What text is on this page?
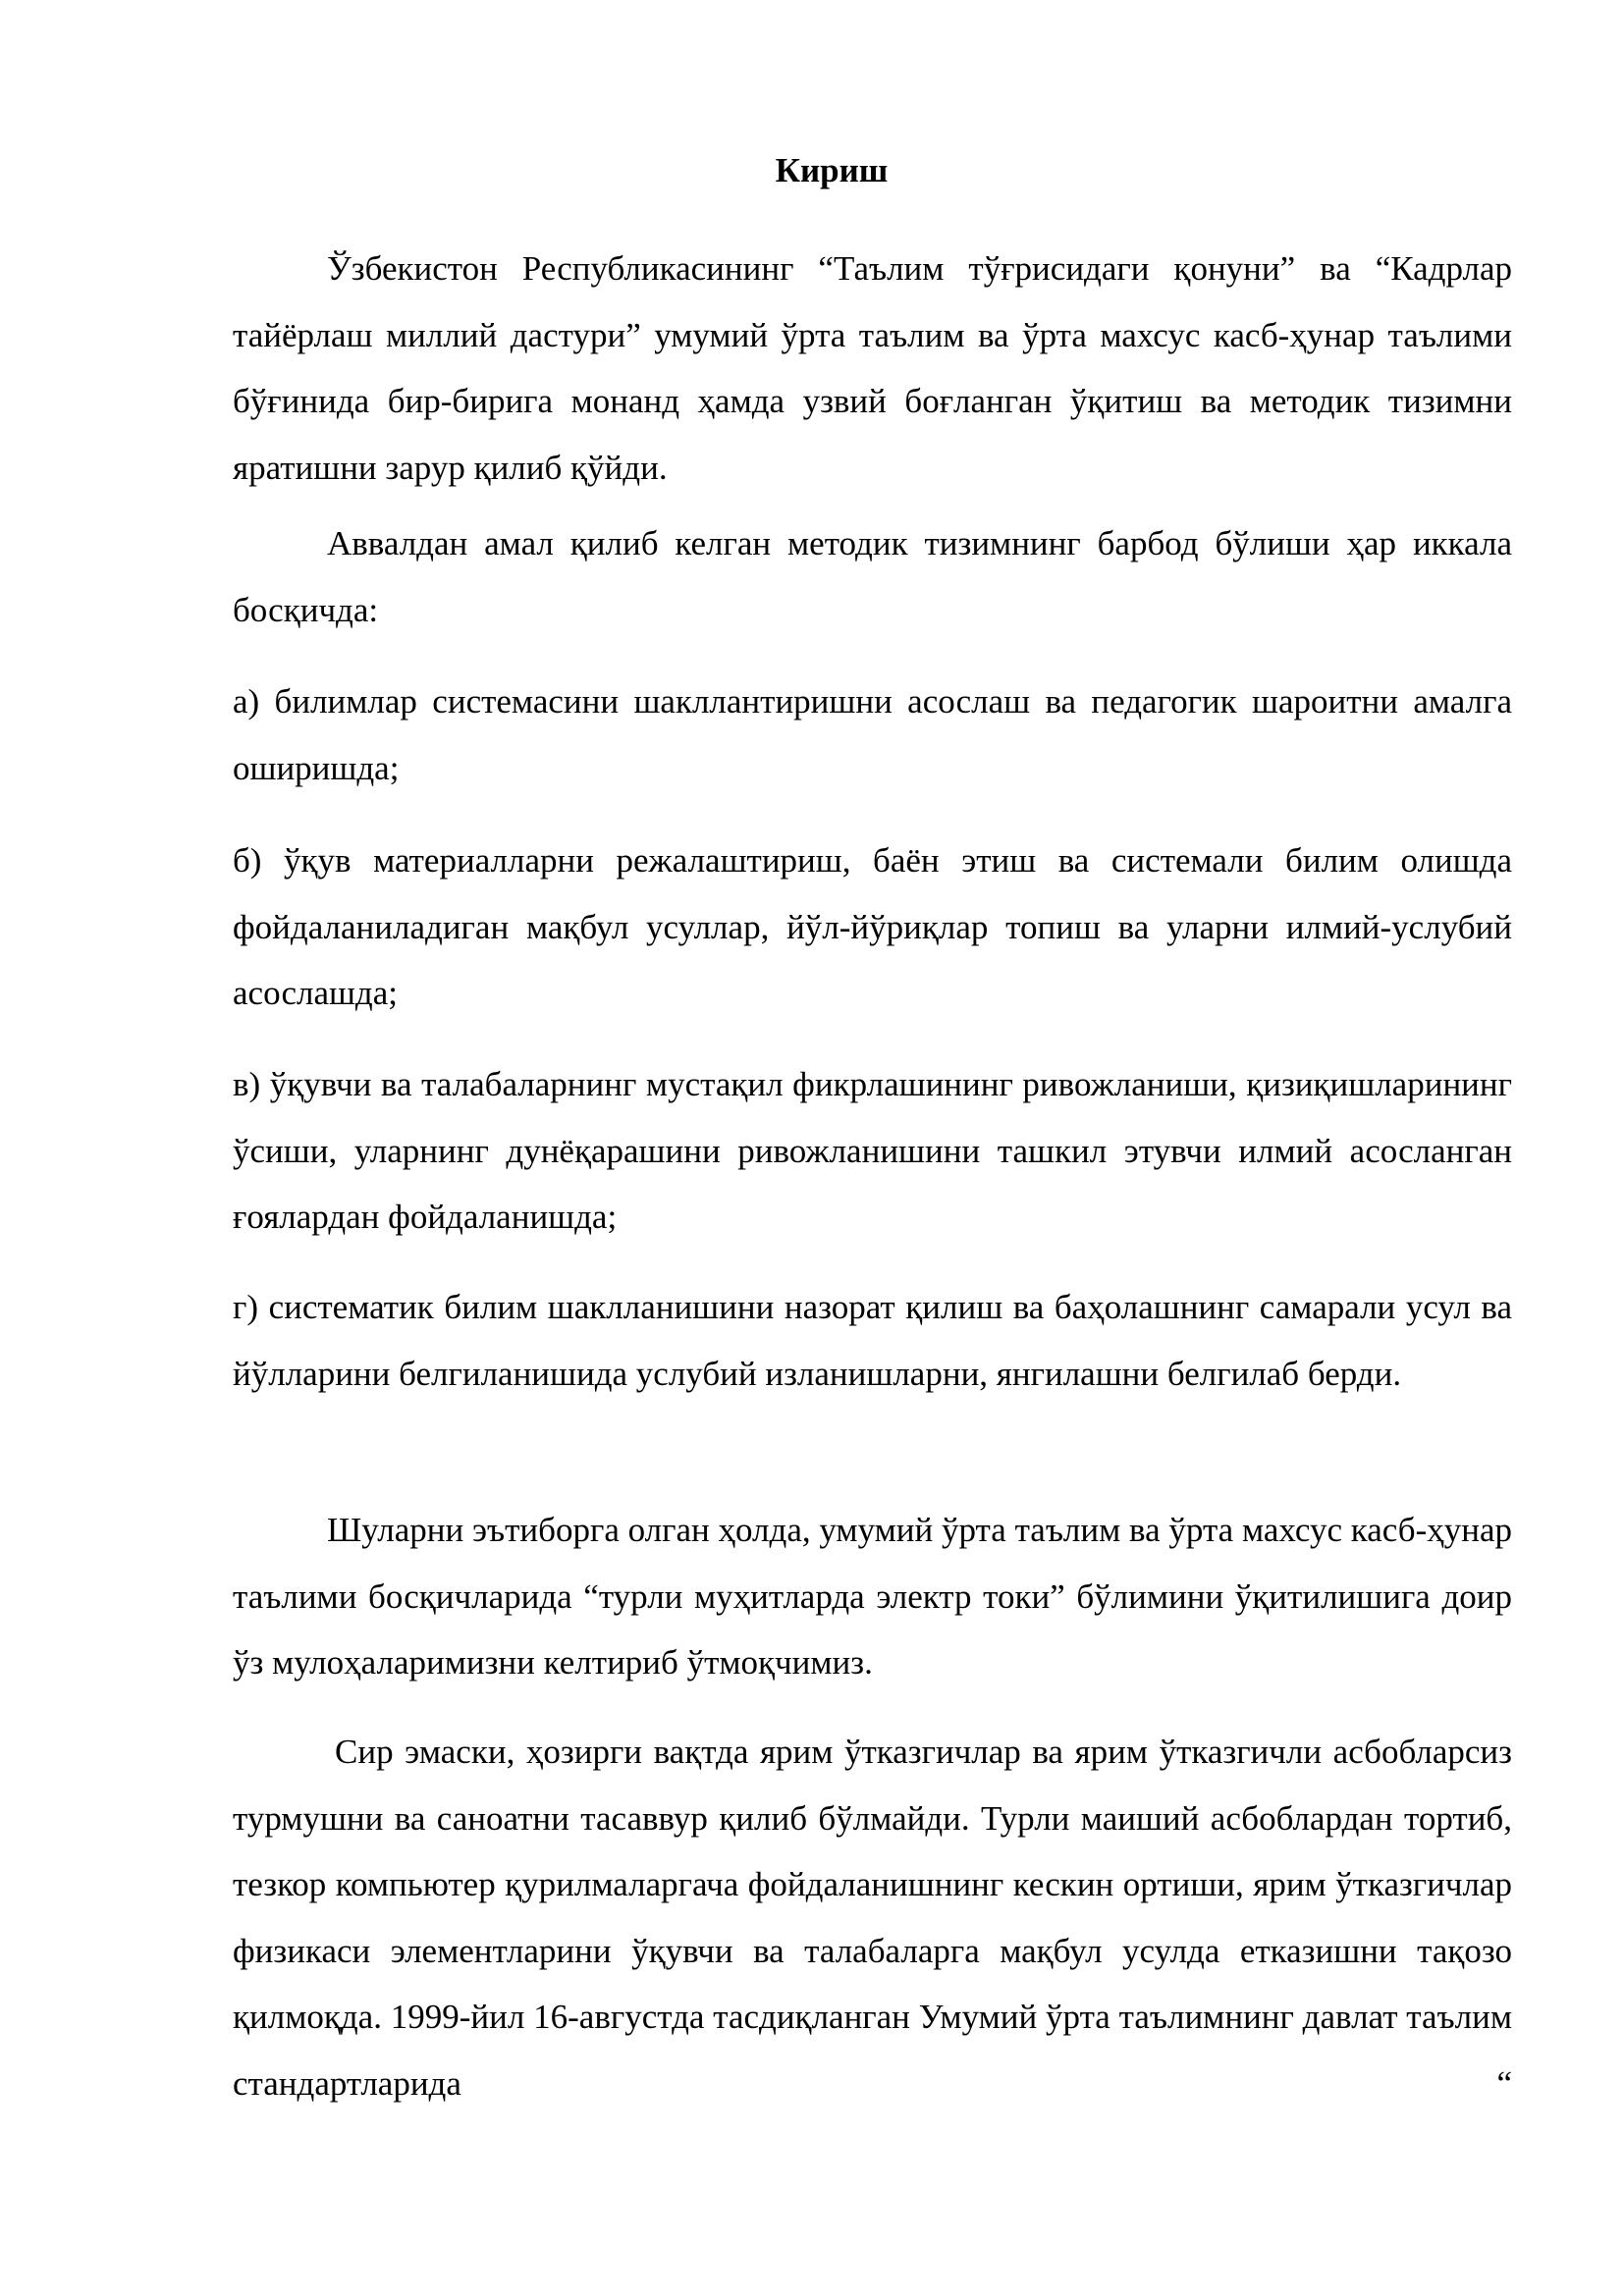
Кириш

Ўзбекистон Республикасининг “Таълим тўғрисидаги қонуни” ва “Кадрлар тайёрлаш миллий дастури” умумий ўрта таълим ва ўрта махсус касб-ҳунар таълими бўғинида бир-бирига монанд ҳамда узвий боғланган ўқитиш ва методик тизимни яратишни зарур қилиб қўйди.

Аввалдан амал қилиб келган методик тизимнинг барбод бўлиши ҳар иккала босқичда:

а) билимлар системасини шакллантиришни асослаш ва педагогик шароитни амалга оширишда;

б) ўқув материалларни режалаштириш, баён этиш ва системали билим олишда фойдаланиладиган мақбул усуллар, йўл-йўриқлар топиш ва уларни илмий-услубий асослашда;

в) ўқувчи ва талабаларнинг мустақил фикрлашининг ривожланиши, қизиқишларининг ўсиши, уларнинг дунёқарашини ривожланишини ташкил этувчи илмий асосланган ғоялардан фойдаланишда;

г) систематик билим шаклланишини назорат қилиш ва баҳолашнинг самарали усул ва йўлларини белгиланишида услубий изланишларни, янгилашни белгилаб берди.

Шуларни эътиборга олган ҳолда, умумий ўрта таълим ва ўрта махсус касб-ҳунар таълими босқичларида “турли муҳитларда электр токи” бўлимини ўқитилишига доир ўз мулоҳаларимизни келтириб ўтмоқчимиз.

Сир эмаски, ҳозирги вақтда ярим ўтказгичлар ва ярим ўтказгичли асбобларсиз турмушни ва саноатни тасаввур қилиб бўлмайди. Турли маиший асбоблардан тортиб, тезкор компьютер қурилмаларгача фойдаланишнинг кескин ортиши, ярим ўтказгичлар физикаси элементларини ўқувчи ва талабаларга мақбул усулда етказишни тақозо қилмоқда. 1999-йил 16-августда тасдиқланган Умумий ўрта таълимнинг давлат таълим стандартларида “
